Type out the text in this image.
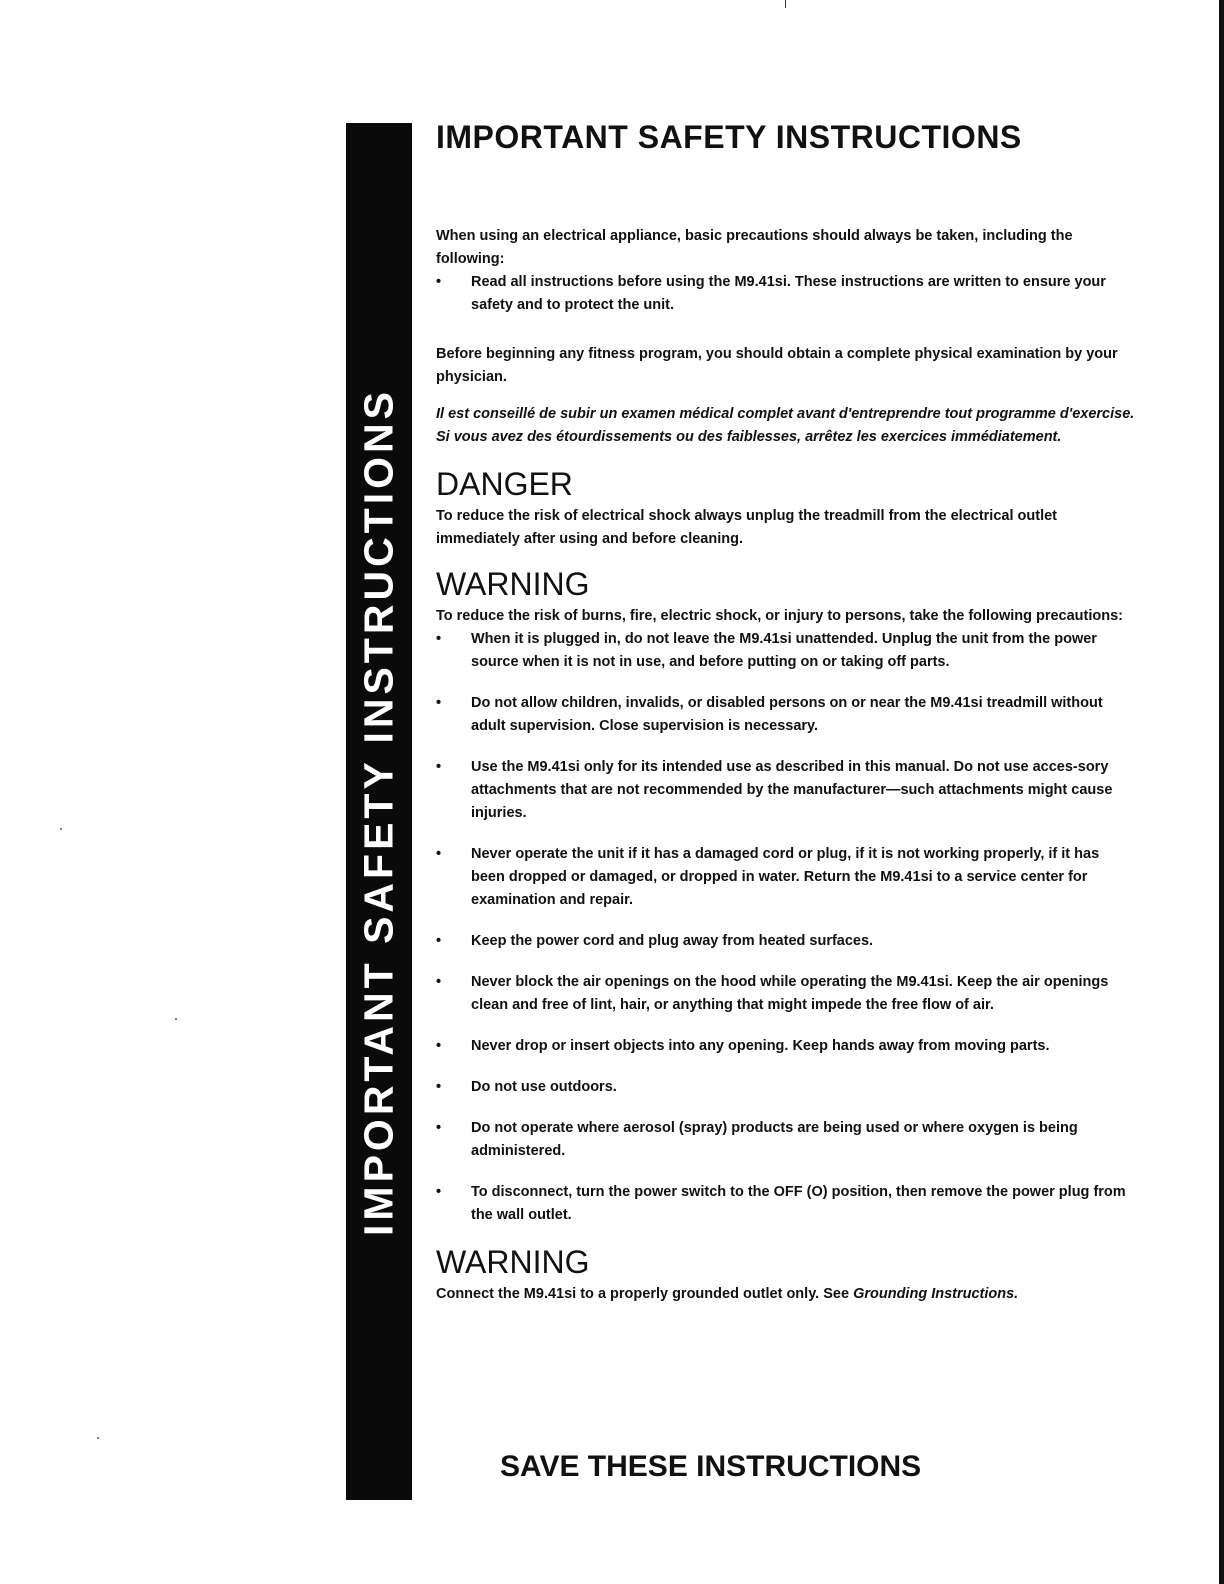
IMPORTANT SAFETY INSTRUCTIONS
IMPORTANT SAFETY INSTRUCTIONS

When using an electrical appliance, basic precautions should always be taken, including the following:

•	Read all instructions before using the M9.41si. These instructions are written to ensure your safety and to protect the unit.

Before beginning any fitness program, you should obtain a complete physical examination by your physician.

Il est conseillé de subir un examen médical complet avant d'entreprendre tout programme d'exercise. Si vous avez des étourdissements ou des faiblesses, arrêtez les exercices immédiatement.

DANGER

To reduce the risk of electrical shock always unplug the treadmill from the electrical outlet immediately after using and before cleaning.

WARNING

To reduce the risk of burns, fire, electric shock, or injury to persons, take the following precautions:

•	When it is plugged in, do not leave the M9.41si unattended. Unplug the unit from the power source when it is not in use, and before putting on or taking off parts.
•	Do not allow children, invalids, or disabled persons on or near the M9.41si treadmill without adult supervision. Close supervision is necessary.
•	Use the M9.41si only for its intended use as described in this manual. Do not use acces-sory attachments that are not recommended by the manufacturer—such attachments might cause injuries.
•	Never operate the unit if it has a damaged cord or plug, if it is not working properly, if it has been dropped or damaged, or dropped in water. Return the M9.41si to a service center for examination and repair.
•	Keep the power cord and plug away from heated surfaces.
•	Never block the air openings on the hood while operating the M9.41si. Keep the air openings clean and free of lint, hair, or anything that might impede the free flow of air.
•	Never drop or insert objects into any opening. Keep hands away from moving parts.
•	Do not use outdoors.
•	Do not operate where aerosol (spray) products are being used or where oxygen is being administered.
•	To disconnect, turn the power switch to the OFF (O) position, then remove the power plug from the wall outlet.
WARNING

Connect the M9.41si to a properly grounded outlet only. See Grounding Instructions.

SAVE THESE INSTRUCTIONS
